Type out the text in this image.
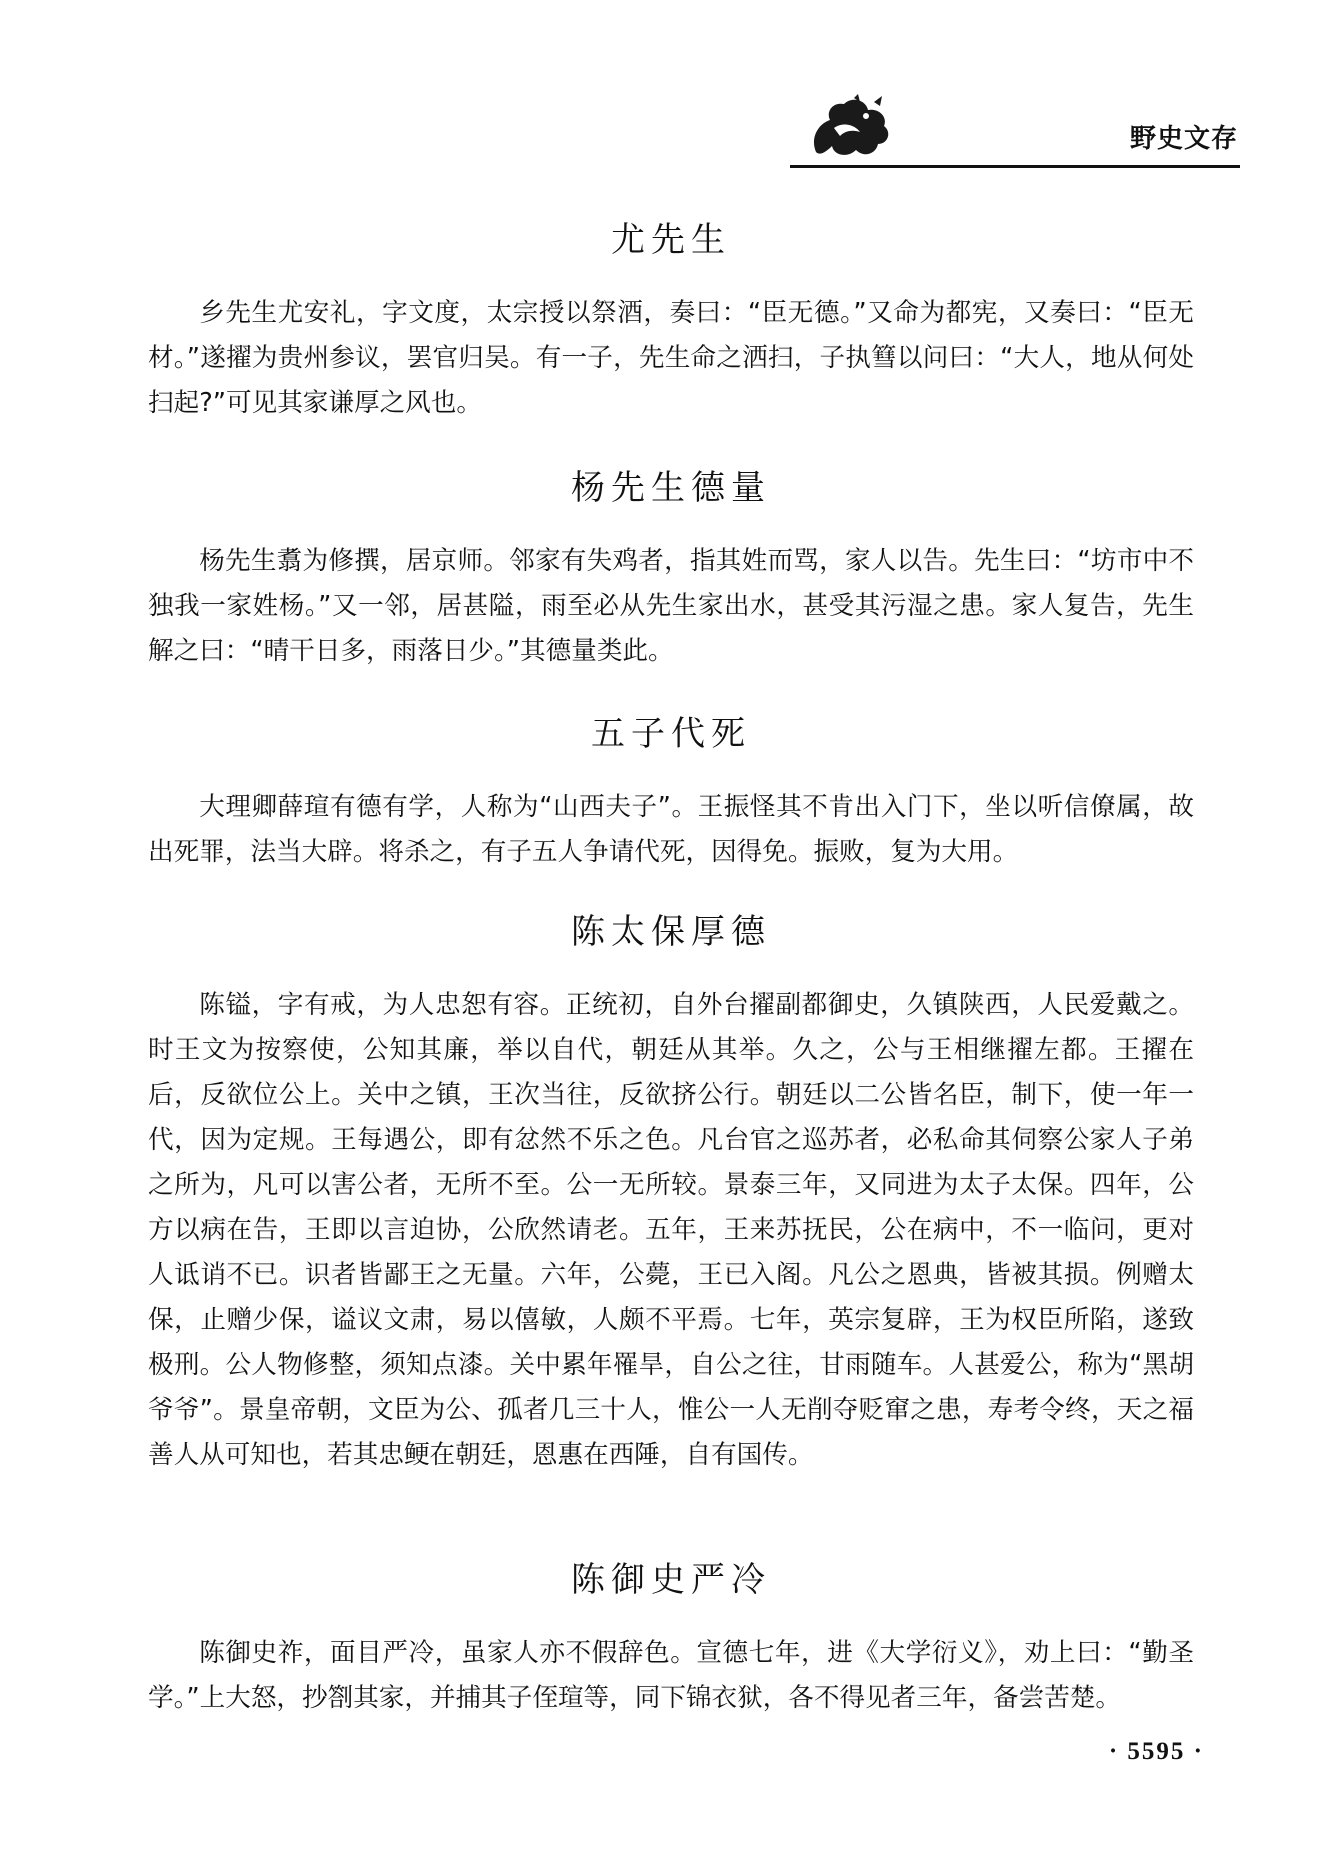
野史文存
尤先生

乡先生尤安礼，字文度，太宗授以祭酒，奏曰：“臣无德。”又命为都宪，又奏曰：“臣无材。”遂擢为贵州参议，罢官归吴。有一子，先生命之洒扫，子执篲以问曰：“大人，地从何处扫起?”可见其家谦厚之风也。

杨先生德量

杨先生翥为修撰，居京师。邻家有失鸡者，指其姓而骂，家人以告。先生曰：“坊市中不独我一家姓杨。”又一邻，居甚隘，雨至必从先生家出水，甚受其污湿之患。家人复告，先生解之曰：“晴干日多，雨落日少。”其德量类此。

五子代死

大理卿薛瑄有德有学，人称为“山西夫子”。王振怪其不肯出入门下，坐以听信僚属，故出死罪，法当大辟。将杀之，有子五人争请代死，因得免。振败，复为大用。

陈太保厚德

陈镒，字有戒，为人忠恕有容。正统初，自外台擢副都御史，久镇陕西，人民爱戴之。时王文为按察使，公知其廉，举以自代，朝廷从其举。久之，公与王相继擢左都。王擢在后，反欲位公上。关中之镇，王次当往，反欲挤公行。朝廷以二公皆名臣，制下，使一年一代，因为定规。王每遇公，即有忿然不乐之色。凡台官之巡苏者，必私命其伺察公家人子弟之所为，凡可以害公者，无所不至。公一无所较。景泰三年，又同进为太子太保。四年，公方以病在告，王即以言迫协，公欣然请老。五年，王来苏抚民，公在病中，不一临问，更对人诋诮不已。识者皆鄙王之无量。六年，公薨，王已入阁。凡公之恩典，皆被其损。例赠太保，止赠少保，谥议文肃，易以僖敏，人颇不平焉。七年，英宗复辟，王为权臣所陷，遂致极刑。公人物修整，须知点漆。关中累年罹旱，自公之往，甘雨随车。人甚爱公，称为“黑胡爷爷”。景皇帝朝，文臣为公、孤者几三十人，惟公一人无削夺贬窜之患，寿考令终，天之福善人从可知也，若其忠鲠在朝廷，恩惠在西陲，自有国传。

陈御史严冷

陈御史祚，面目严冷，虽家人亦不假辞色。宣德七年，进《大学衍义》，劝上曰：“勤圣学。”上大怒，抄劄其家，并捕其子侄瑄等，同下锦衣狱，各不得见者三年，备尝苦楚。

· 5595 ·
